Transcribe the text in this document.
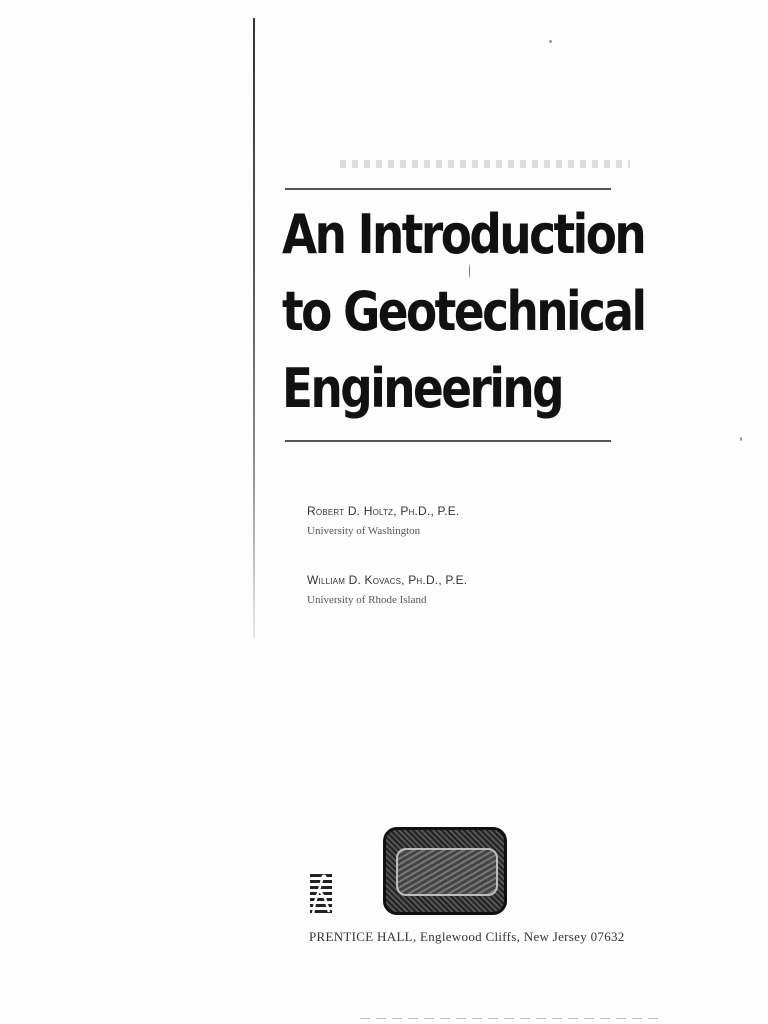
An Introduction
to Geotechnical
Engineering
Robert D. Holtz, Ph.D., P.E.
University of Washington
William D. Kovacs, Ph.D., P.E.
University of Rhode Island
PRENTICE HALL, Englewood Cliffs, New Jersey 07632
